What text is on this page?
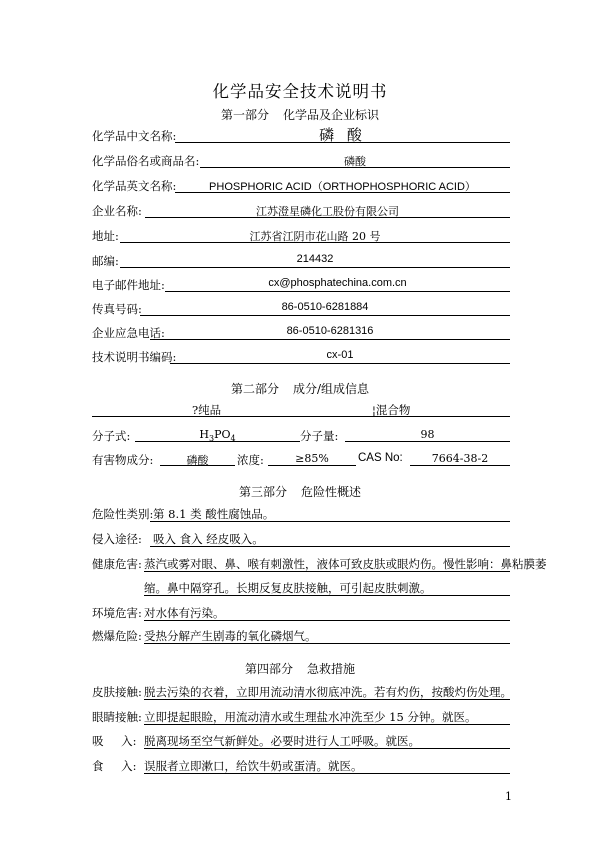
化学品安全技术说明书
第一部分 化学品及企业标识
化学品中文名称:	磷 酸
化学品俗名或商品名:	磷酸
化学品英文名称:	PHOSPHORIC ACID（ORTHOPHOSPHORIC ACID）
企业名称:	江苏澄星磷化工股份有限公司
地址:	江苏省江阴市花山路 20 号
邮编:	214432
电子邮件地址:	cx@phosphatechina.com.cn
传真号码:	86-0510-6281884
企业应急电话:	86-0510-6281316
技术说明书编码:	cx-01
第二部分 成分/组成信息
?纯品	¦混合物
分子式:	$H_3PO_4$	分子量:	98
有害物成分:	磷酸	浓度:	≥85%	CAS No:	7664-38-2
第三部分 危险性概述
危险性类别: 第 8.1 类 酸性腐蚀品。
侵入途径: 吸入 食入 经皮吸入。
健康危害: 蒸汽或雾对眼、鼻、喉有刺激性，液体可致皮肤或眼灼伤。慢性影响：鼻粘膜萎
缩。鼻中隔穿孔。长期反复皮肤接触，可引起皮肤刺激。
环境危害: 对水体有污染。
燃爆危险: 受热分解产生剧毒的氧化磷烟气。
第四部分 急救措施
皮肤接触: 脱去污染的衣着，立即用流动清水彻底冲洗。若有灼伤，按酸灼伤处理。
眼睛接触: 立即提起眼睑，用流动清水或生理盐水冲洗至少 15 分钟。就医。
吸 入: 脱离现场至空气新鲜处。必要时进行人工呼吸。就医。
食 入: 误服者立即漱口，给饮牛奶或蛋清。就医。
1
